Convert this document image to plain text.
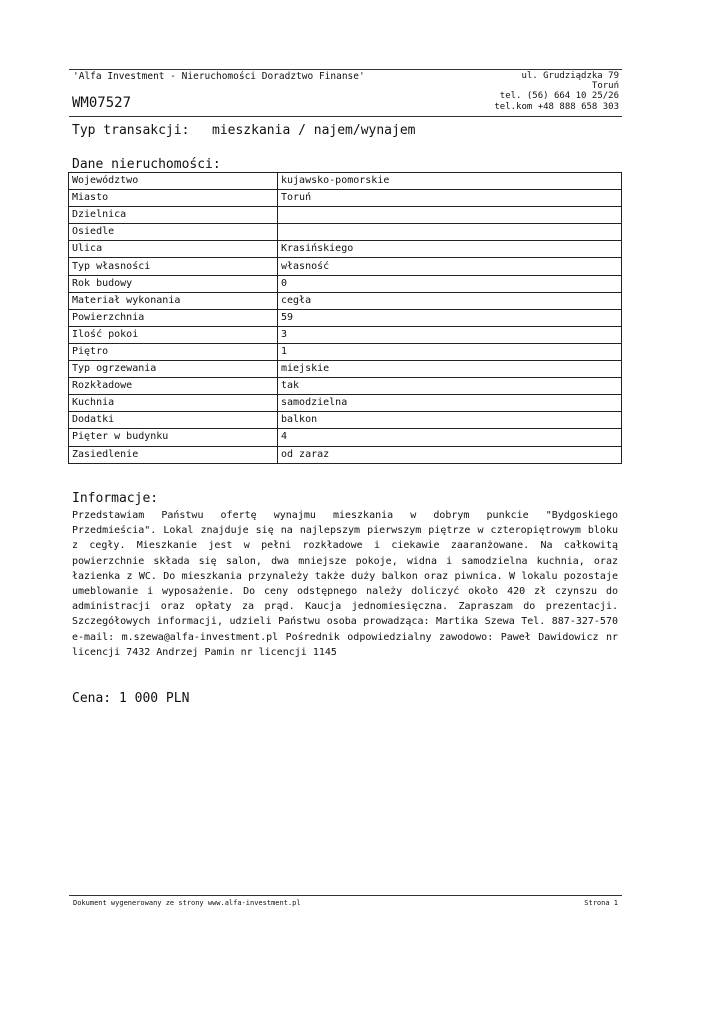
'Alfa Investment - Nieruchomości Doradztwo Finanse'
WM07527
ul. Grudziądzka 79
Toruń
tel. (56) 664 10 25/26
tel.kom +48 888 658 303
Typ transakcji: mieszkania / najem/wynajem
Dane nieruchomości:
Województwo	kujawsko-pomorskie
Miasto	Toruń
Dzielnica	
Osiedle	
Ulica	Krasińskiego
Typ własności	własność
Rok budowy	0
Materiał wykonania	cegła
Powierzchnia	59
Ilość pokoi	3
Piętro	1
Typ ogrzewania	miejskie
Rozkładowe	tak
Kuchnia	samodzielna
Dodatki	balkon
Pięter w budynku	4
Zasiedlenie	od zaraz
Informacje:
Przedstawiam Państwu ofertę wynajmu mieszkania w dobrym punkcie "Bydgoskiego Przedmieścia". Lokal znajduje się na najlepszym pierwszym piętrze w czteropiętrowym bloku z cegły. Mieszkanie jest w pełni rozkładowe i ciekawie zaaranżowane. Na całkowitą powierzchnie składa się salon, dwa mniejsze pokoje, widna i samodzielna kuchnia, oraz łazienka z WC. Do mieszkania przynależy także duży balkon oraz piwnica. W lokalu pozostaje umeblowanie i wyposażenie. Do ceny odstępnego należy doliczyć około 420 zł czynszu do administracji oraz opłaty za prąd. Kaucja jednomiesięczna. Zapraszam do prezentacji. Szczegółowych informacji, udzieli Państwu osoba prowadząca: Martika Szewa Tel. 887-327-570 e-mail: m.szewa@alfa-investment.pl Pośrednik odpowiedzialny zawodowo: Paweł Dawidowicz nr licencji 7432 Andrzej Pamin nr licencji 1145
Cena: 1 000 PLN
Dokument wygenerowany ze strony www.alfa-investment.pl	Strona 1
